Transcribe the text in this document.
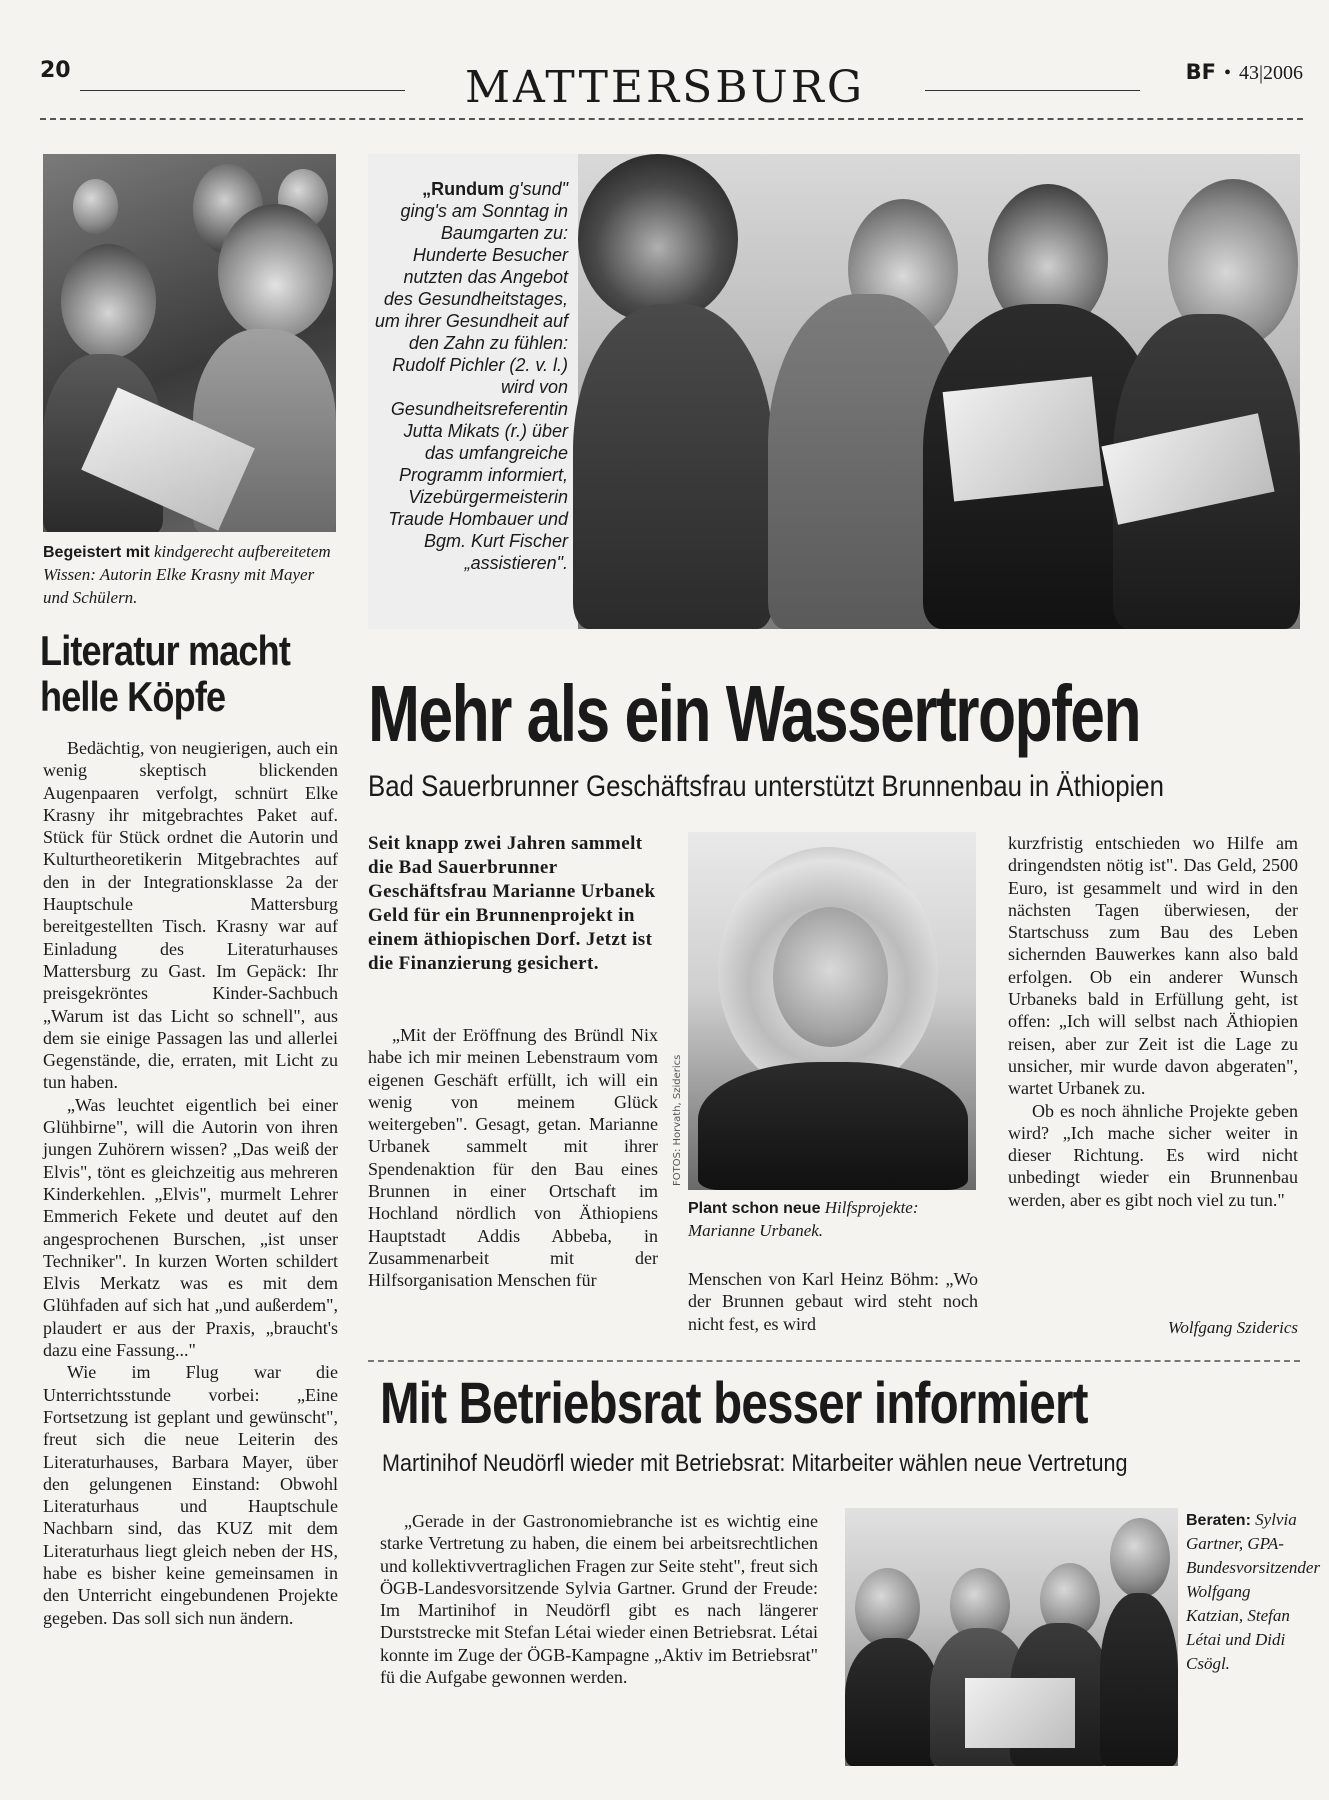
20	MATTERSBURG	BF • 43|2006
Begeistert mit kindgerecht aufbereitetem Wissen: Autorin Elke Krasny mit Mayer und Schülern.
„Rundum g'sund" ging's am Sonntag in Baumgarten zu: Hunderte Besucher nutzten das Angebot des Gesundheitstages, um ihrer Gesundheit auf den Zahn zu fühlen: Rudolf Pichler (2. v. l.) wird von Gesundheitsreferentin Jutta Mikats (r.) über das umfangreiche Programm informiert, Vizebürgermeisterin Traude Hombauer und Bgm. Kurt Fischer „assistieren".
Literatur macht helle Köpfe

Bedächtig, von neugierigen, auch ein wenig skeptisch blickenden Augenpaaren verfolgt, schnürt Elke Krasny ihr mitgebrachtes Paket auf. Stück für Stück ordnet die Autorin und Kulturtheoretikerin Mitgebrachtes auf den in der Integrationsklasse 2a der Hauptschule Mattersburg bereitgestellten Tisch. Krasny war auf Einladung des Literaturhauses Mattersburg zu Gast. Im Gepäck: Ihr preisgekröntes Kinder-Sachbuch „Warum ist das Licht so schnell", aus dem sie einige Passagen las und allerlei Gegenstände, die, erraten, mit Licht zu tun haben.

„Was leuchtet eigentlich bei einer Glühbirne", will die Autorin von ihren jungen Zuhörern wissen? „Das weiß der Elvis", tönt es gleichzeitig aus mehreren Kinderkehlen. „Elvis", murmelt Lehrer Emmerich Fekete und deutet auf den angesprochenen Burschen, „ist unser Techniker". In kurzen Worten schildert Elvis Merkatz was es mit dem Glühfaden auf sich hat „und außerdem", plaudert er aus der Praxis, „braucht's dazu eine Fassung..."

Wie im Flug war die Unterrichtsstunde vorbei: „Eine Fortsetzung ist geplant und gewünscht", freut sich die neue Leiterin des Literaturhauses, Barbara Mayer, über den gelungenen Einstand: Obwohl Literaturhaus und Hauptschule Nachbarn sind, das KUZ mit dem Literaturhaus liegt gleich neben der HS, habe es bisher keine gemeinsamen in den Unterricht eingebundenen Projekte gegeben. Das soll sich nun ändern.

Mehr als ein Wassertropfen
Bad Sauerbrunner Geschäftsfrau unterstützt Brunnenbau in Äthiopien
Seit knapp zwei Jahren sammelt die Bad Sauerbrunner Geschäftsfrau Marianne Urbanek Geld für ein Brunnenprojekt in einem äthiopischen Dorf. Jetzt ist die Finanzierung gesichert.

„Mit der Eröffnung des Bründl Nix habe ich mir meinen Lebenstraum vom eigenen Geschäft erfüllt, ich will ein wenig von meinem Glück weitergeben". Gesagt, getan. Marianne Urbanek sammelt mit ihrer Spendenaktion für den Bau eines Brunnen in einer Ortschaft im Hochland nördlich von Äthiopiens Hauptstadt Addis Abbeba, in Zusammenarbeit mit der Hilfsorganisation Menschen für

FOTOS: Horvath, Sziderics
Plant schon neue Hilfsprojekte: Marianne Urbanek.

Menschen von Karl Heinz Böhm: „Wo der Brunnen gebaut wird steht noch nicht fest, es wird

kurzfristig entschieden wo Hilfe am dringendsten nötig ist". Das Geld, 2500 Euro, ist gesammelt und wird in den nächsten Tagen überwiesen, der Startschuss zum Bau des Leben sichernden Bauwerkes kann also bald erfolgen. Ob ein anderer Wunsch Urbaneks bald in Erfüllung geht, ist offen: „Ich will selbst nach Äthiopien reisen, aber zur Zeit ist die Lage zu unsicher, mir wurde davon abgeraten", wartet Urbanek zu.

Ob es noch ähnliche Projekte geben wird? „Ich mache sicher weiter in dieser Richtung. Es wird nicht unbedingt wieder ein Brunnenbau werden, aber es gibt noch viel zu tun."

Wolfgang Sziderics
Mit Betriebsrat besser informiert
Martinihof Neudörfl wieder mit Betriebsrat: Mitarbeiter wählen neue Vertretung

„Gerade in der Gastronomiebranche ist es wichtig eine starke Vertretung zu haben, die einem bei arbeitsrechtlichen und kollektivvertraglichen Fragen zur Seite steht", freut sich ÖGB-Landesvorsitzende Sylvia Gartner. Grund der Freude: Im Martinihof in Neudörfl gibt es nach längerer Durststrecke mit Stefan Létai wieder einen Betriebsrat. Létai konnte im Zuge der ÖGB-Kampagne „Aktiv im Betriebsrat" fü die Aufgabe gewonnen werden.

Beraten: Sylvia Gartner, GPA-Bundesvorsitzender Wolfgang Katzian, Stefan Létai und Didi Csögl.
